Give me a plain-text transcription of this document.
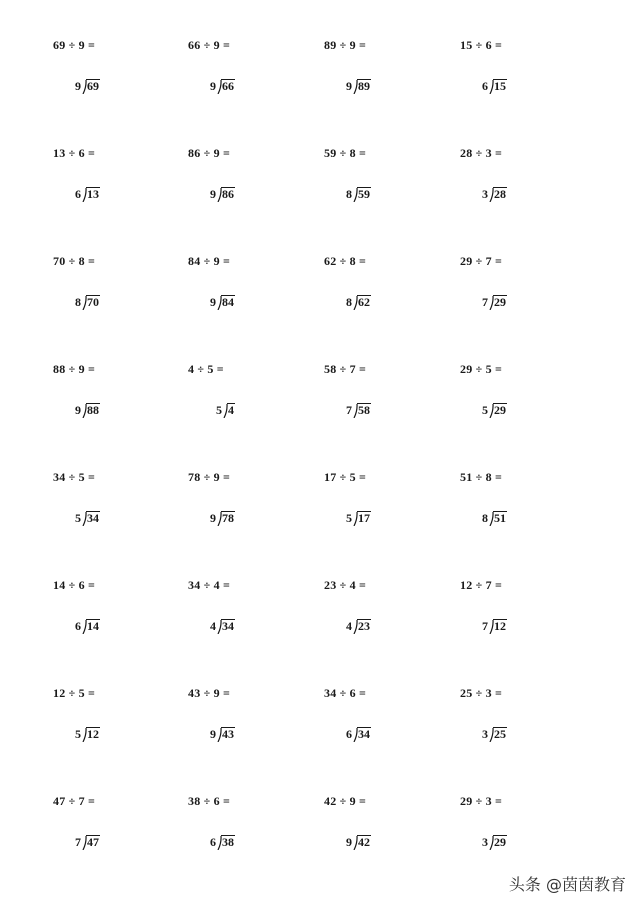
69 ÷ 9 =
9 69
66 ÷ 9 =
9 66
89 ÷ 9 =
9 89
15 ÷ 6 =
6 15
13 ÷ 6 =
6 13
86 ÷ 9 =
9 86
59 ÷ 8 =
8 59
28 ÷ 3 =
3 28
70 ÷ 8 =
8 70
84 ÷ 9 =
9 84
62 ÷ 8 =
8 62
29 ÷ 7 =
7 29
88 ÷ 9 =
9 88
4 ÷ 5 =
5 4
58 ÷ 7 =
7 58
29 ÷ 5 =
5 29
34 ÷ 5 =
5 34
78 ÷ 9 =
9 78
17 ÷ 5 =
5 17
51 ÷ 8 =
8 51
14 ÷ 6 =
6 14
34 ÷ 4 =
4 34
23 ÷ 4 =
4 23
12 ÷ 7 =
7 12
12 ÷ 5 =
5 12
43 ÷ 9 =
9 43
34 ÷ 6 =
6 34
25 ÷ 3 =
3 25
47 ÷ 7 =
7 47
38 ÷ 6 =
6 38
42 ÷ 9 =
9 42
29 ÷ 3 =
3 29
头条 @茵茵教育
